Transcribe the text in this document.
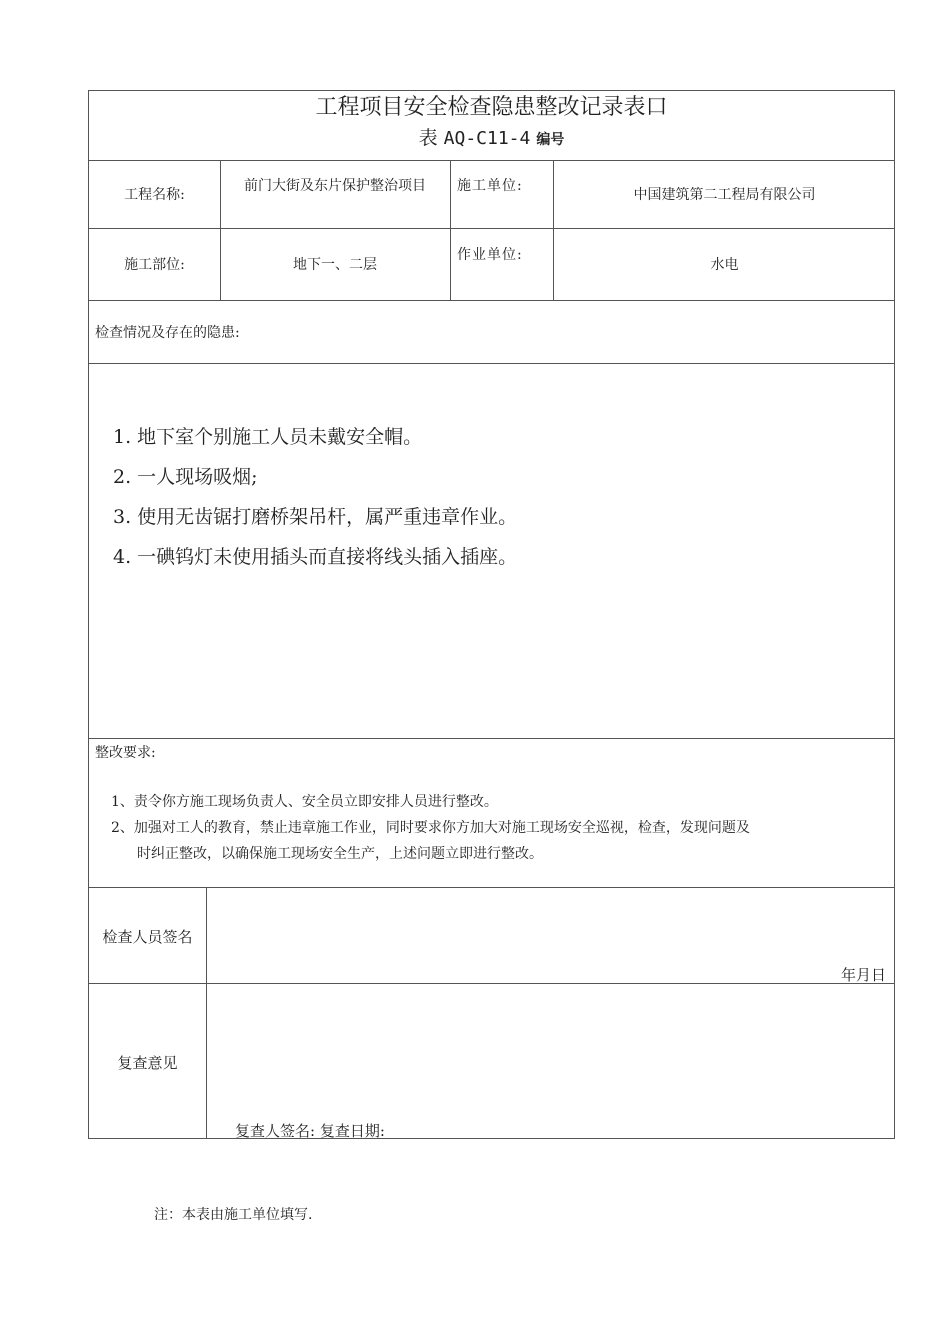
工程项目安全检查隐患整改记录表口
表 AQ-C11-4 编号
工程名称:
前门大街及东片保护整治项目	施工单位:
中国建筑第二工程局有限公司
施工部位:	地下一、二层
作业单位:
水电
检查情况及存在的隐患:
1. 地下室个别施工人员未戴安全帽。
2. 一人现场吸烟;
3. 使用无齿锯打磨桥架吊杆，属严重违章作业。
4. 一碘钨灯未使用插头而直接将线头插入插座。
整改要求:
1、责令你方施工现场负责人、安全员立即安排人员进行整改。
2、加强对工人的教育，禁止违章施工作业，同时要求你方加大对施工现场安全巡视，检查，发现问题及
时纠正整改，以确保施工现场安全生产，上述问题立即进行整改。
检查人员签名
年月日
复查意见
复查人签名: 复查日期:
注：本表由施工单位填写.
